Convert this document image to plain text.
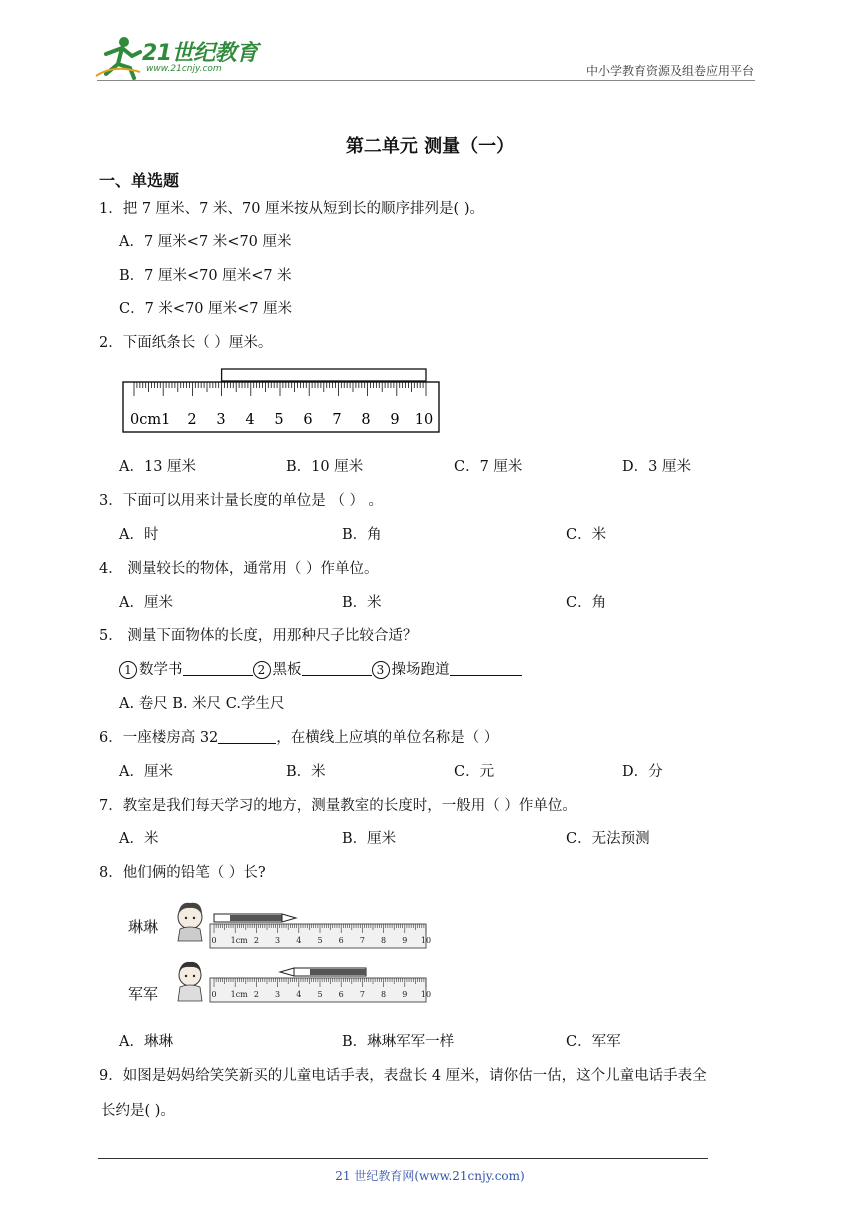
21世纪教育
www.21cnjy.com	中小学教育资源及组卷应用平台
第二单元 测量（一）
一、单选题
1．把 7 厘米、7 米、70 厘米按从短到长的顺序排列是( )。
A．7 厘米<7 米<70 厘米
B．7 厘米<70 厘米<7 米
C．7 米<70 厘米<7 厘米
2．下面纸条长（ ）厘米。
0cm1 2 3 4 5 6 7 8 9 10
A．13 厘米	B．10 厘米	C．7 厘米	D．3 厘米
3．下面可以用来计量长度的单位是 （ ） 。
A．时	B．角	C．米
4． 测量较长的物体，通常用（ ）作单位。
A．厘米	B．米	C．角
5． 测量下面物体的长度，用那种尺子比较合适？
1 数学书	2 黑板	3 操场跑道
A. 卷尺 B. 米尺 C.学生尺
6．一座楼房高 32	，在横线上应填的单位名称是（ ）
A．厘米	B．米	C．元	D．分
7．教室是我们每天学习的地方，测量教室的长度时，一般用（ ）作单位。
A．米	B．厘米	C．无法预测
8．他们俩的铅笔（ ）长?
琳琳
军军
0 1cm 2 3 4 5 6 7 8 9 10
0 1cm 2 3 4 5 6 7 8 9 10
A．琳琳	B．琳琳军军一样	C．军军
9．如图是妈妈给笑笑新买的儿童电话手表，表盘长 4 厘米，请你估一估，这个儿童电话手表全
长约是( )。
21 世纪教育网(www.21cnjy.com)
